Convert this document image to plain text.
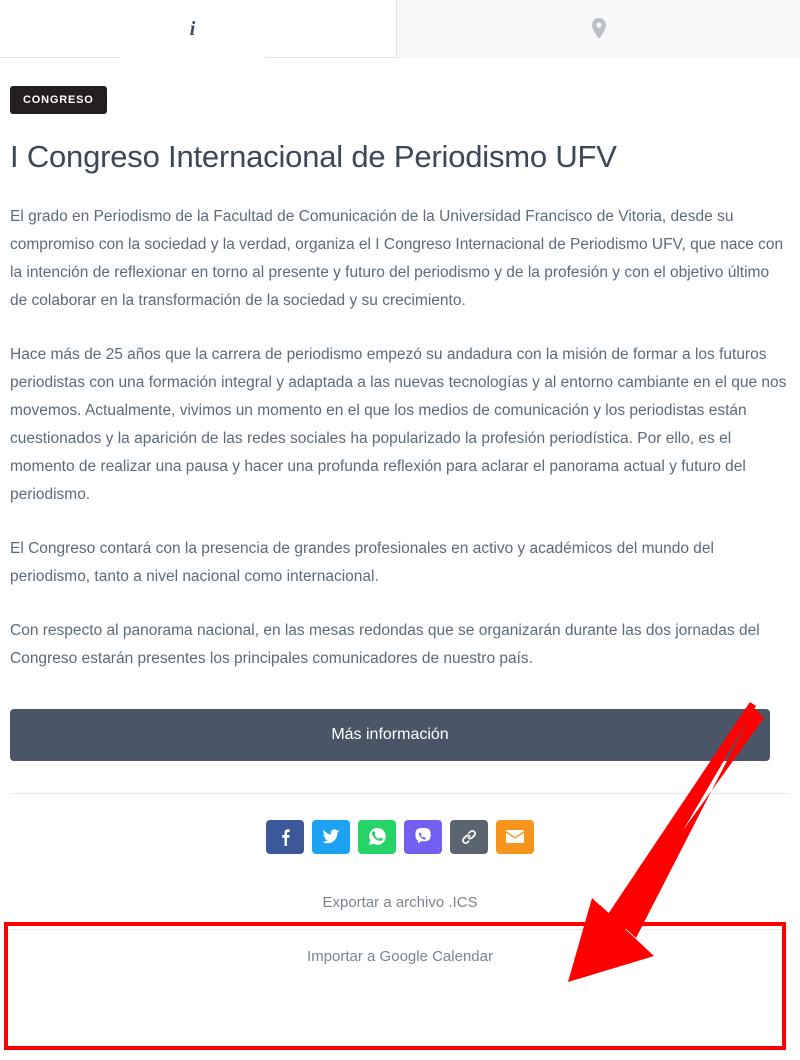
i
CONGRESO
I Congreso Internacional de Periodismo UFV

El grado en Periodismo de la Facultad de Comunicación de la Universidad Francisco de Vitoria, desde su compromiso con la sociedad y la verdad, organiza el I Congreso Internacional de Periodismo UFV, que nace con la intención de reflexionar en torno al presente y futuro del periodismo y de la profesión y con el objetivo último de colaborar en la transformación de la sociedad y su crecimiento.

Hace más de 25 años que la carrera de periodismo empezó su andadura con la misión de formar a los futuros periodistas con una formación integral y adaptada a las nuevas tecnologías y al entorno cambiante en el que nos movemos. Actualmente, vivimos un momento en el que los medios de comunicación y los periodistas están cuestionados y la aparición de las redes sociales ha popularizado la profesión periodística. Por ello, es el momento de realizar una pausa y hacer una profunda reflexión para aclarar el panorama actual y futuro del periodismo.

El Congreso contará con la presencia de grandes profesionales en activo y académicos del mundo del periodismo, tanto a nivel nacional como internacional.

Con respecto al panorama nacional, en las mesas redondas que se organizarán durante las dos jornadas del Congreso estarán presentes los principales comunicadores de nuestro país.

Más información
Exportar a archivo .ICS
Importar a Google Calendar
